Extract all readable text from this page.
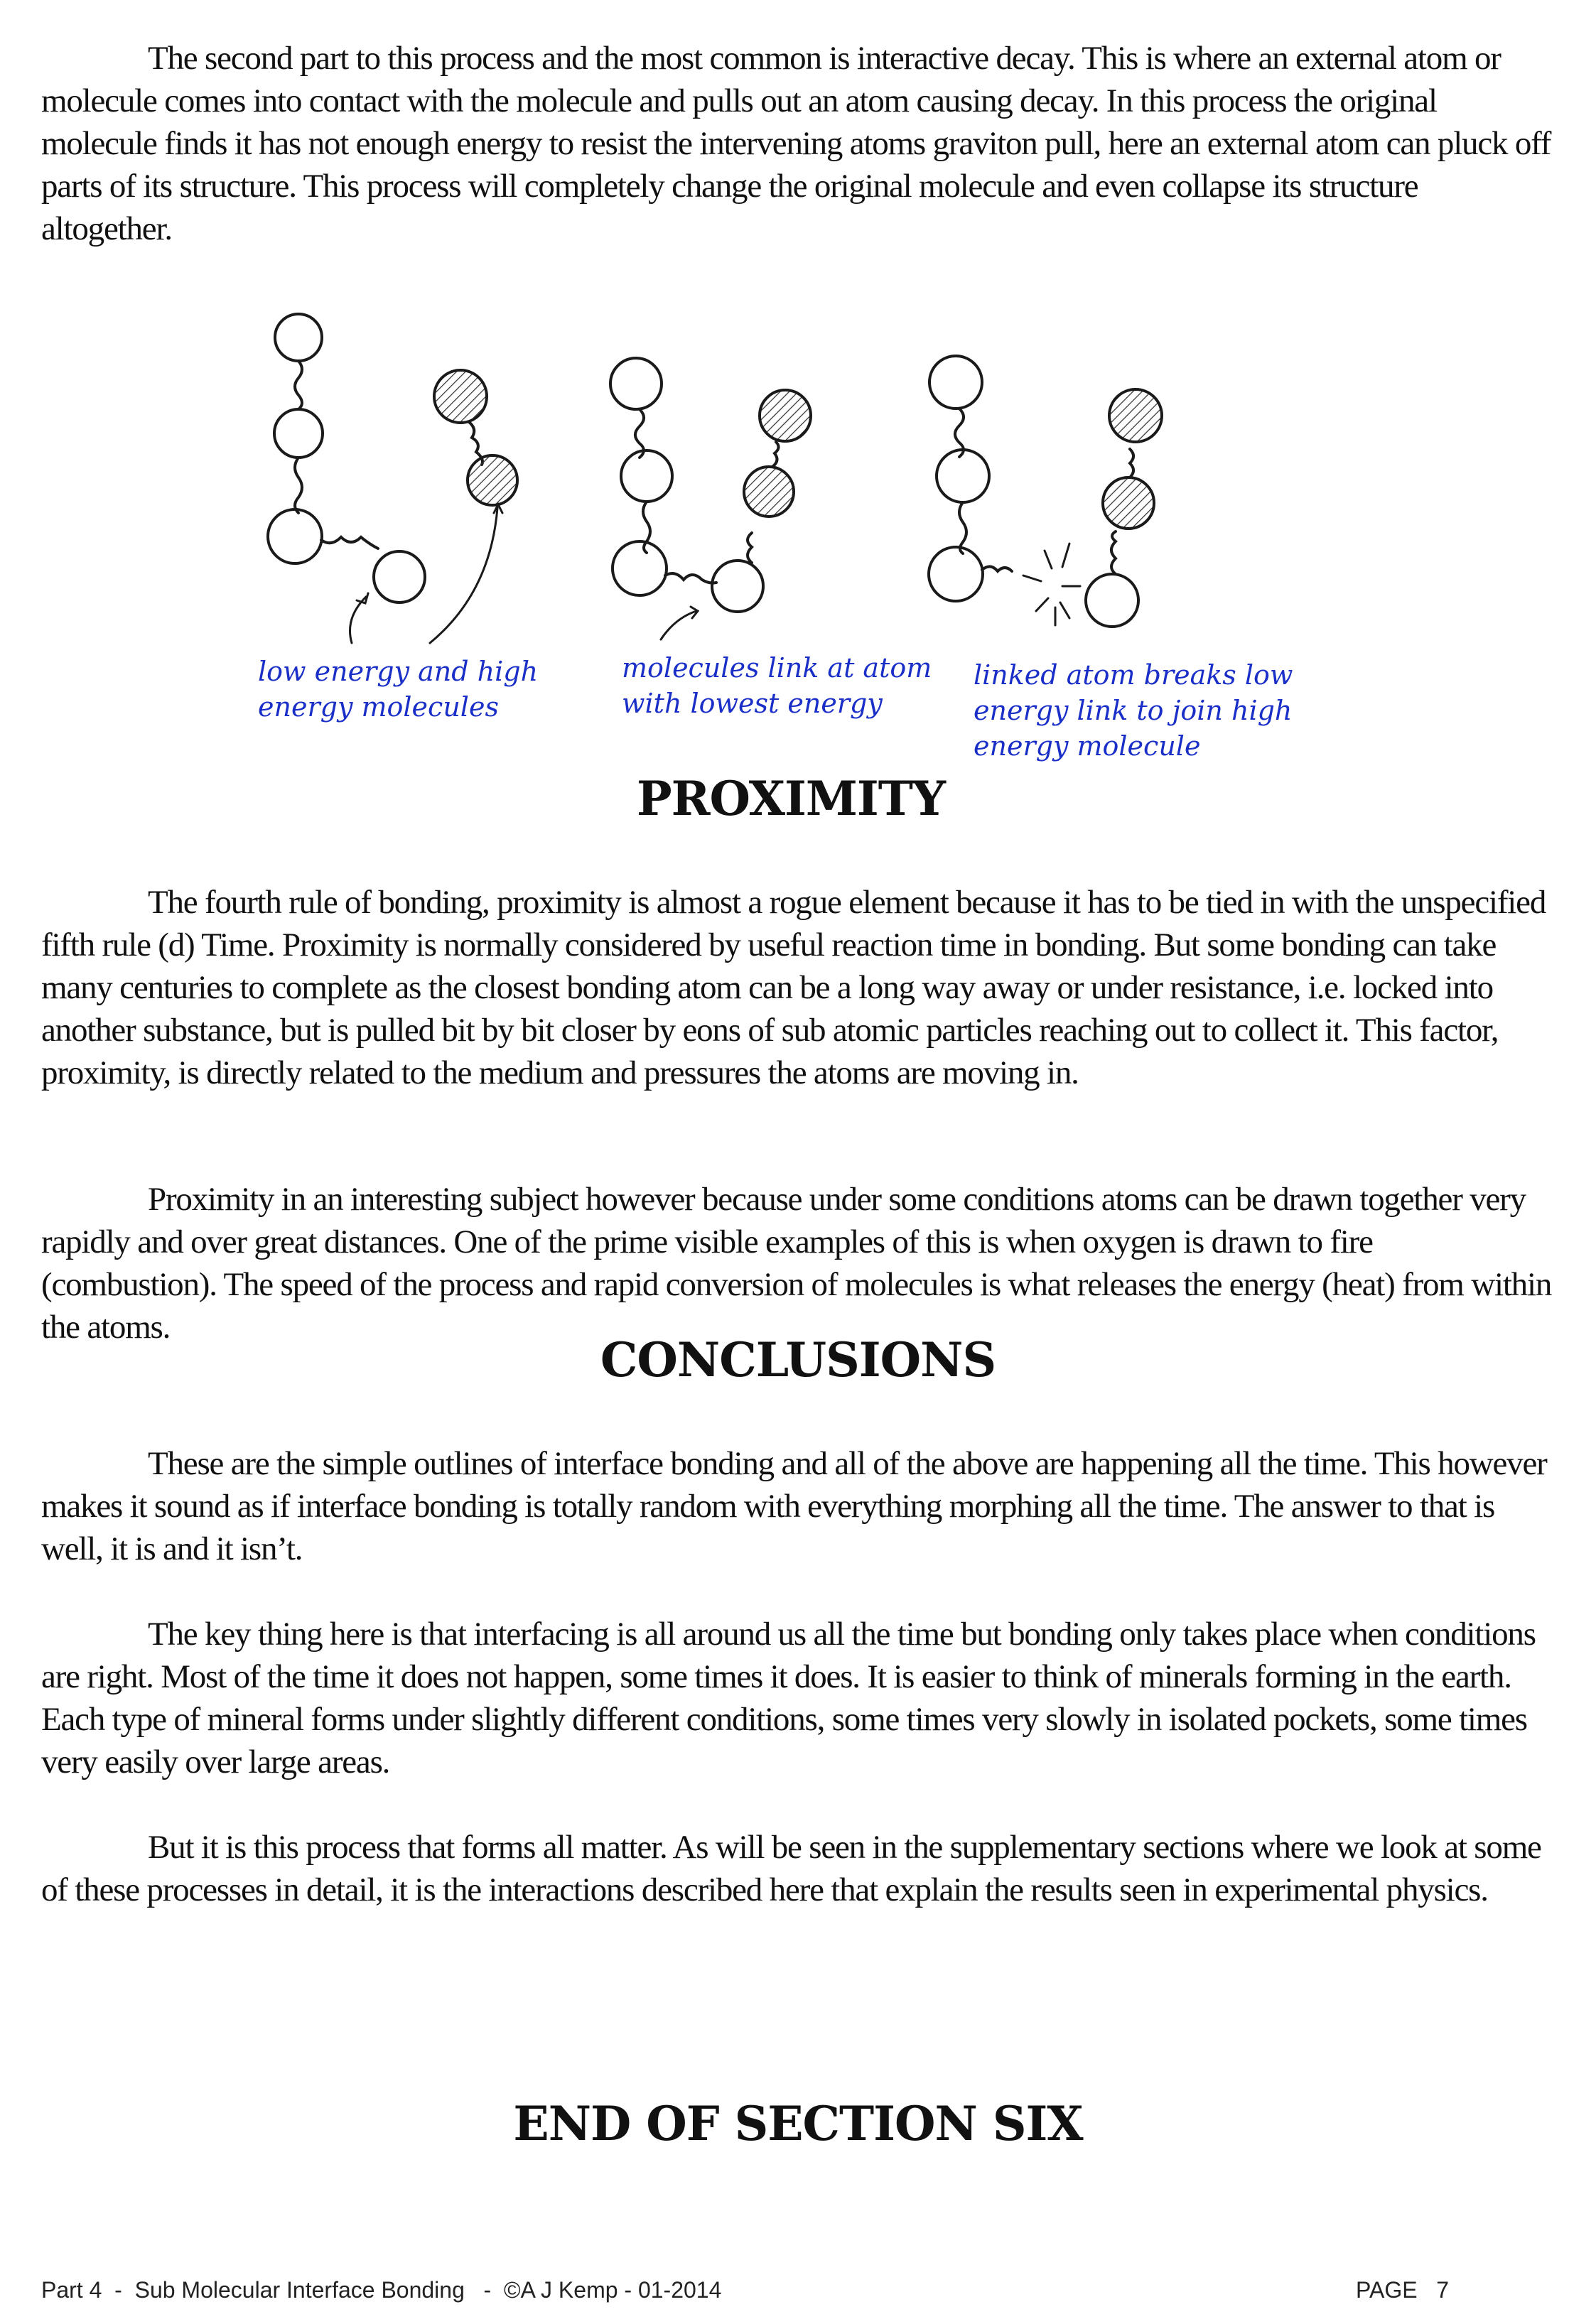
The second part to this process and the most common is interactive decay. This is where an external atom or molecule comes into contact with the molecule and pulls out an atom causing decay. In this process the original molecule finds it has not enough energy to resist the intervening atoms graviton pull, here an external atom can pluck off parts of its structure. This process will completely change the original molecule and even collapse its structure altogether.

low energy and high
energy molecules

molecules link at atom
with lowest energy

linked atom breaks low
energy link to join high
energy molecule

PROXIMITY

The fourth rule of bonding, proximity is almost a rogue element because it has to be tied in with the unspecified fifth rule (d) Time. Proximity is normally considered by useful reaction time in bonding. But some bonding can take many centuries to complete as the closest bonding atom can be a long way away or under resistance, i.e. locked into another substance, but is pulled bit by bit closer by eons of sub atomic particles reaching out to collect it. This factor, proximity, is directly related to the medium and pressures the atoms are moving in.

Proximity in an interesting subject however because under some conditions atoms can be drawn together very rapidly and over great distances. One of the prime visible examples of this is when oxygen is drawn to fire (combustion). The speed of the process and rapid conversion of molecules is what releases the energy (heat) from within the atoms.

CONCLUSIONS

These are the simple outlines of interface bonding and all of the above are happening all the time. This however makes it sound as if interface bonding is totally random with everything morphing all the time. The answer to that is well, it is and it isn’t.

The key thing here is that interfacing is all around us all the time but bonding only takes place when conditions are right. Most of the time it does not happen, some times it does. It is easier to think of minerals forming in the earth. Each type of mineral forms under slightly different conditions, some times very slowly in isolated pockets, some times very easily over large areas.

But it is this process that forms all matter. As will be seen in the supplementary sections where we look at some of these processes in detail, it is the interactions described here that explain the results seen in experimental physics.

END OF SECTION SIX
Part 4  -  Sub Molecular Interface Bonding   -  ©A J Kemp - 01-2014	PAGE   7
